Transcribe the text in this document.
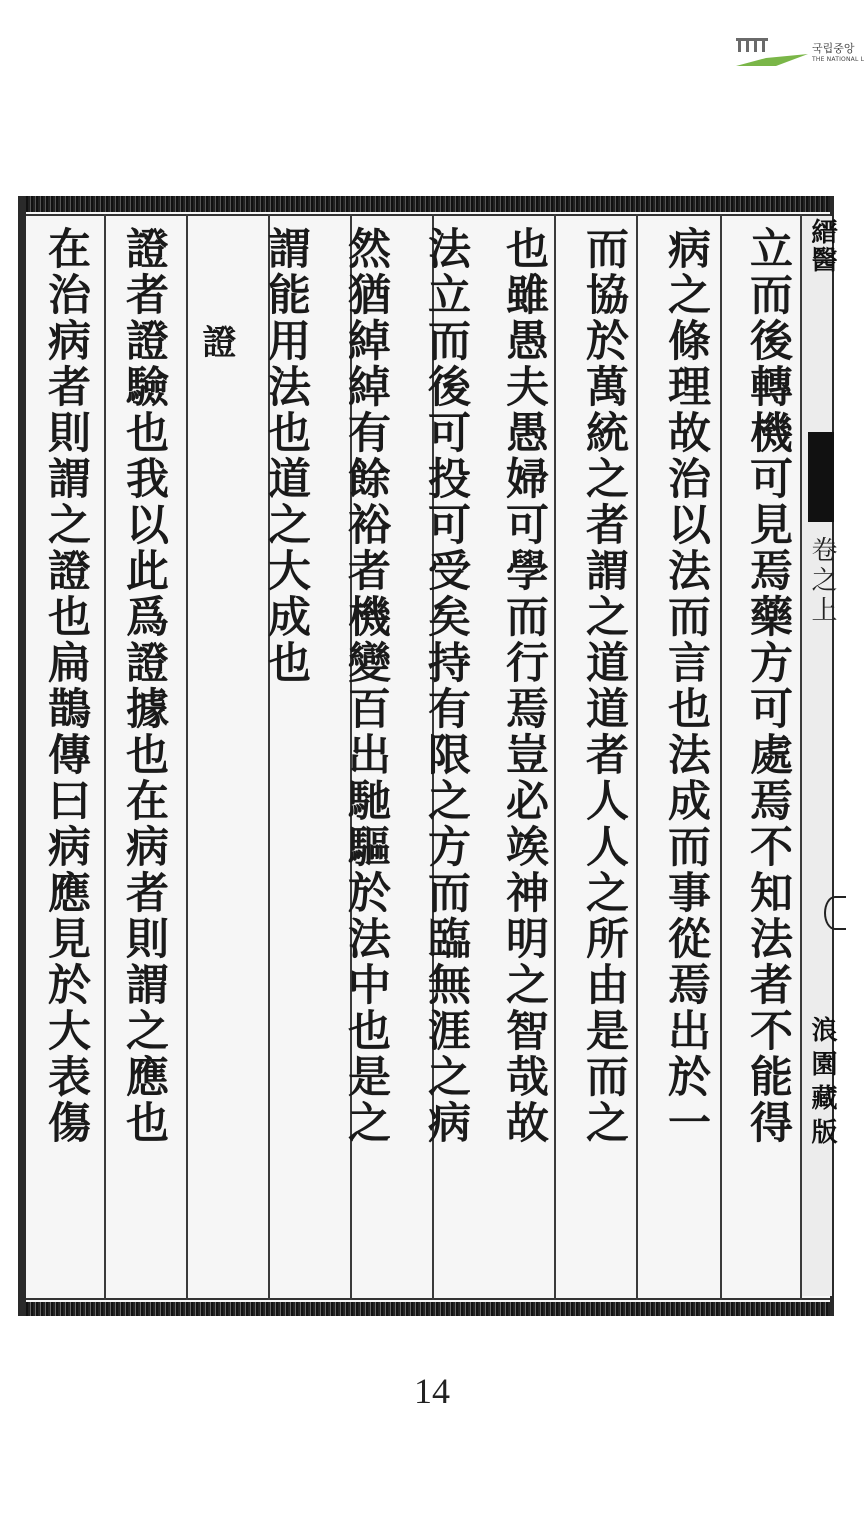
국립중앙
THE NATIONAL L
縉醫
卷之上
浪園藏版
立而後轉機可見焉藥方可處焉不知法者不能得
病之條理故治以法而言也法成而事從焉出於一
而協於萬統之者謂之道道者人人之所由是而之
也雖愚夫愚婦可學而行焉豈必竢神明之智哉故
法立而後可投可受矣持有限之方而臨無涯之病
然猶綽綽有餘裕者機變百出馳驅於法中也是之
謂能用法也道之大成也
證
證者證驗也我以此爲證據也在病者則謂之應也
在治病者則謂之證也扁鵲傳曰病應見於大表傷
14
